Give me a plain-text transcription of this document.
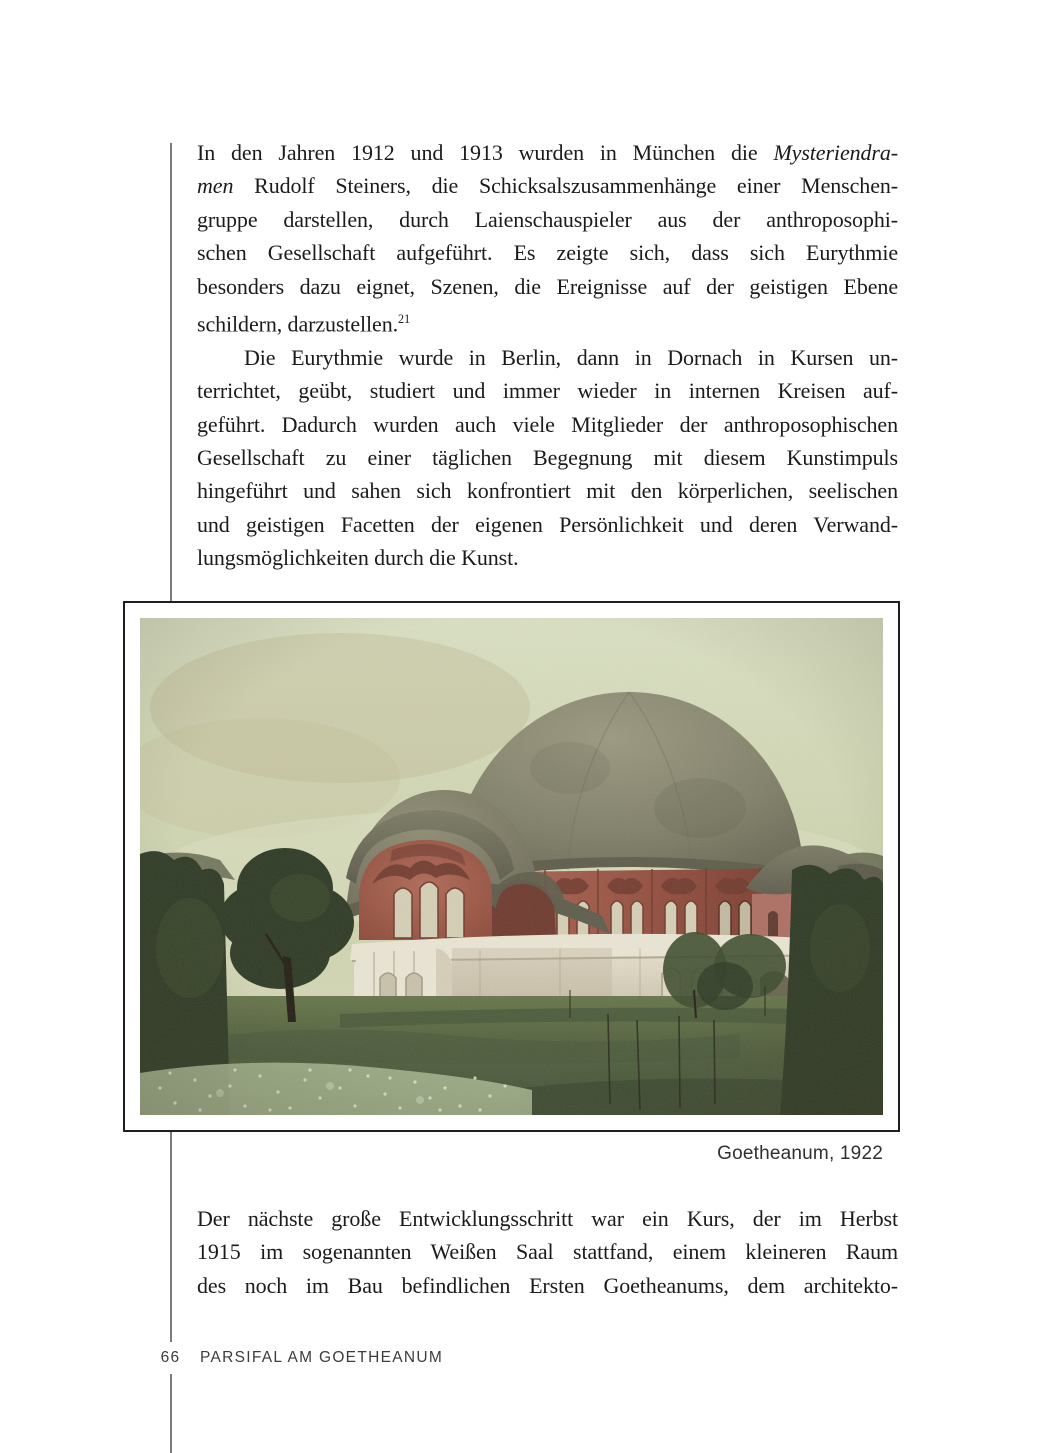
In den Jahren 1912 und 1913 wurden in München die Mysteriendra-
men Rudolf Steiners, die Schicksalszusammenhänge einer Menschen-
gruppe darstellen, durch Laienschauspieler aus der anthroposophi-
schen Gesellschaft aufgeführt. Es zeigte sich, dass sich Eurythmie
besonders dazu eignet, Szenen, die Ereignisse auf der geistigen Ebene
schildern, darzustellen.$^{21}$
Die Eurythmie wurde in Berlin, dann in Dornach in Kursen un-
terrichtet, geübt, studiert und immer wieder in internen Kreisen auf-
geführt. Dadurch wurden auch viele Mitglieder der anthroposophischen
Gesellschaft zu einer täglichen Begegnung mit diesem Kunstimpuls
hingeführt und sahen sich konfrontiert mit den körperlichen, seelischen
und geistigen Facetten der eigenen Persönlichkeit und deren Verwand-
lungsmöglichkeiten durch die Kunst.
Goetheanum, 1922
Der nächste große Entwicklungsschritt war ein Kurs, der im Herbst
1915 im sogenannten Weißen Saal stattfand, einem kleineren Raum
des noch im Bau befindlichen Ersten Goetheanums, dem architekto-
66	PARSIFAL AM GOETHEANUM
